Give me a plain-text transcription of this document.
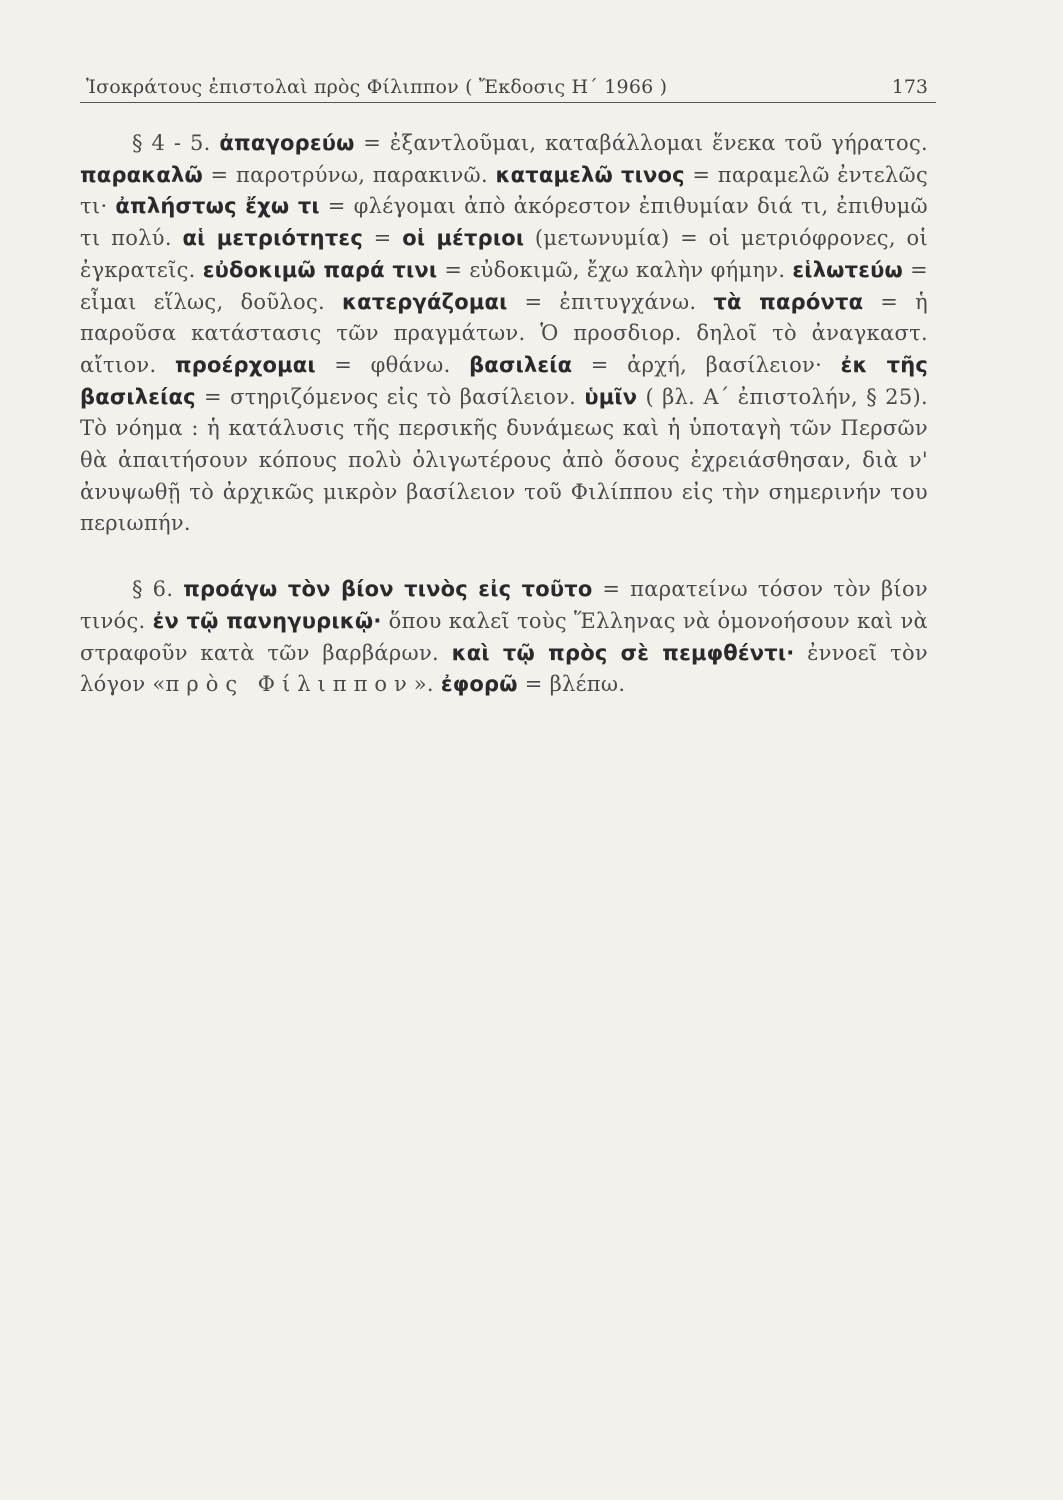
Ἰσοκράτους ἐπιστολαὶ πρὸς Φίλιππον ( Ἔκδοσις Η΄ 1966 )	173

§ 4 - 5. ἀπαγορεύω = ἐξαντλοῦμαι, καταβάλλομαι ἕνεκα τοῦ γήρατος. παρακαλῶ = παροτρύνω, παρακινῶ. καταμελῶ τινος = παραμελῶ ἐντελῶς τι· ἀπλήστως ἔχω τι = φλέγομαι ἀπὸ ἀκόρεστον ἐπιθυμίαν διά τι, ἐπιθυμῶ τι πολύ. αἱ μετριότητες = οἱ μέτριοι (μετωνυμία) = οἱ μετριόφρονες, οἱ ἐγκρατεῖς. εὐδοκιμῶ παρά τινι = εὐδοκιμῶ, ἔχω καλὴν φήμην. εἱλωτεύω = εἶμαι εἵλως, δοῦλος. κατεργάζομαι = ἐπιτυγχάνω. τὰ παρόντα = ἡ παροῦσα κατάστασις τῶν πραγμάτων. Ὁ προσδιορ. δηλοῖ τὸ ἀναγκαστ. αἴτιον. προέρχομαι = φθάνω. βασιλεία = ἀρχή, βασίλειον· ἐκ τῆς βασιλείας = στηριζόμενος εἰς τὸ βασίλειον. ὑμῖν ( βλ. Α΄ ἐπιστολήν, § 25). Τὸ νόημα : ἡ κατάλυσις τῆς περσικῆς δυνάμεως καὶ ἡ ὑποταγὴ τῶν Περσῶν θὰ ἀπαιτήσουν κόπους πολὺ ὀλιγωτέρους ἀπὸ ὅσους ἐχρειάσθησαν, διὰ ν' ἀνυψωθῇ τὸ ἀρχικῶς μικρὸν βασίλειον τοῦ Φιλίππου εἰς τὴν σημερινήν του περιωπήν.

§ 6. προάγω τὸν βίον τινὸς εἰς τοῦτο = παρατείνω τόσον τὸν βίον τινός. ἐν τῷ πανηγυρικῷ· ὅπου καλεῖ τοὺς Ἕλληνας νὰ ὁμονοήσουν καὶ νὰ στραφοῦν κατὰ τῶν βαρβάρων. καὶ τῷ πρὸς σὲ πεμφθέντι· ἐννοεῖ τὸν λόγον «πρὸς Φίλιππον». ἐφορῶ = βλέπω.
